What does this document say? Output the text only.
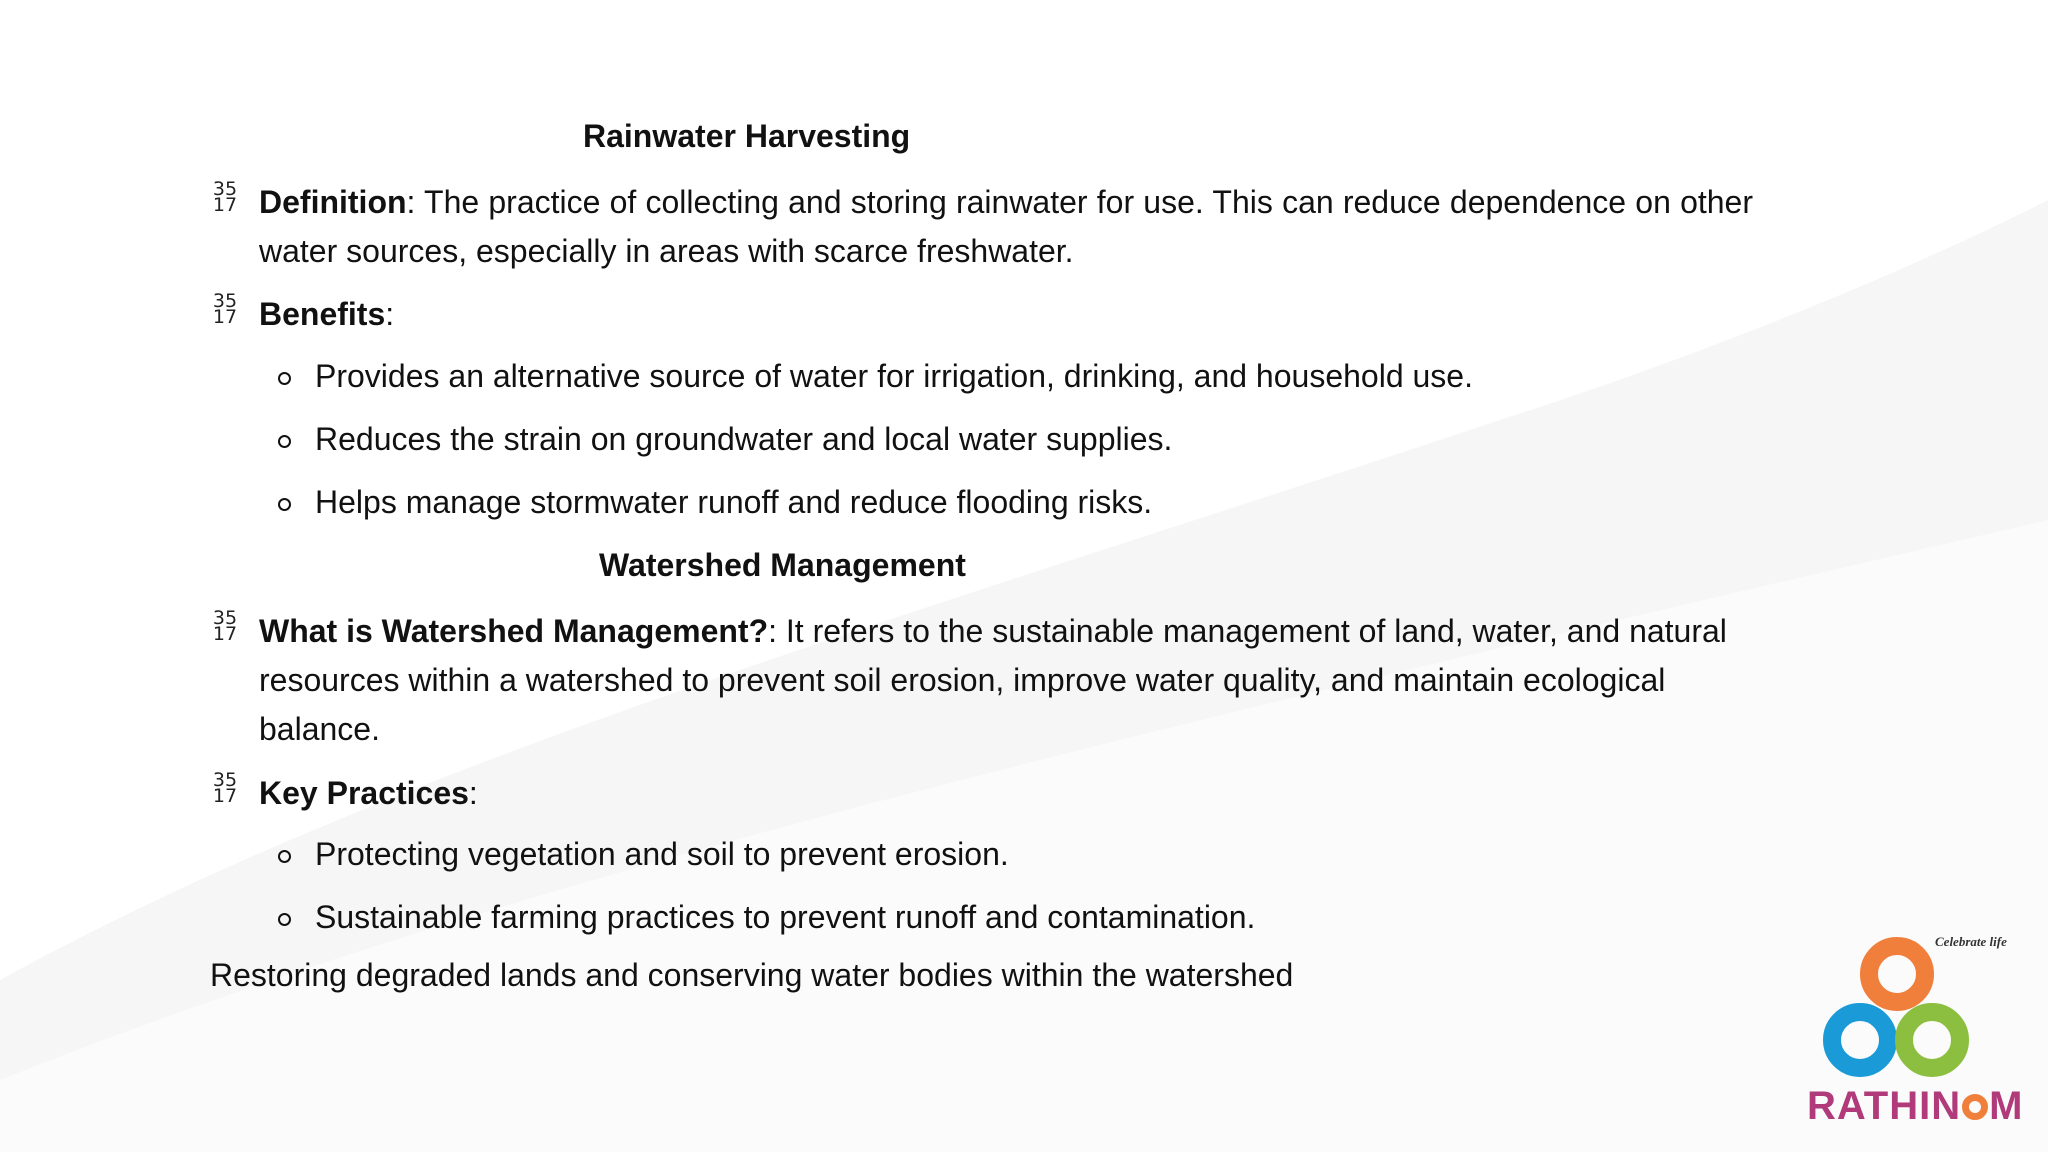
Rainwater Harvesting
35
17 Definition: The practice of collecting and storing rainwater for use. This can reduce dependence on other water sources, especially in areas with scarce freshwater.
35
17 Benefits:
Provides an alternative source of water for irrigation, drinking, and household use.
Reduces the strain on groundwater and local water supplies.
Helps manage stormwater runoff and reduce flooding risks.
Watershed Management
35
17 What is Watershed Management?: It refers to the sustainable management of land, water, and natural resources within a watershed to prevent soil erosion, improve water quality, and maintain ecological balance.
35
17 Key Practices:
Protecting vegetation and soil to prevent erosion.
Sustainable farming practices to prevent runoff and contamination.
Restoring degraded lands and conserving water bodies within the watershed
Celebrate life
RATHIN M
